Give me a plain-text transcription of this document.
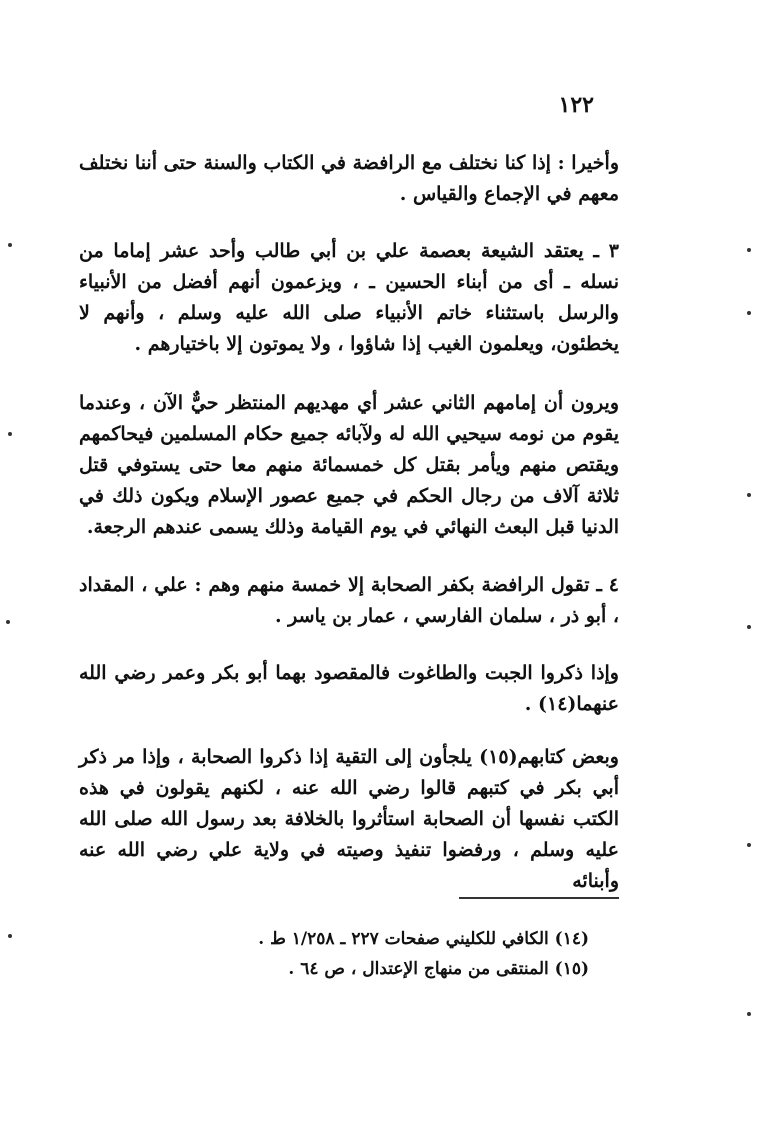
١٢٢
وأخيرا : إذا كنا نختلف مع الرافضة في الكتاب والسنة حتى أننا نختلف معهم في الإجماع والقياس .
٣ ـ يعتقد الشيعة بعصمة علي بن أبي طالب وأحد عشر إماما من نسله ـ أى من أبناء الحسين ـ ، ويزعمون أنهم أفضل من الأنبياء والرسل باستثناء خاتم الأنبياء صلى الله عليه وسلم ، وأنهم لا يخطئون، ويعلمون الغيب إذا شاؤوا ، ولا يموتون إلا باختيارهم .
ويرون أن إمامهم الثاني عشر أي مهديهم المنتظر حيٌّ الآن ، وعندما يقوم من نومه سيحيي الله له ولآبائه جميع حكام المسلمين فيحاكمهم ويقتص منهم ويأمر بقتل كل خمسمائة منهم معا حتى يستوفي قتل ثلاثة آلاف من رجال الحكم في جميع عصور الإسلام ويكون ذلك في الدنيا قبل البعث النهائي في يوم القيامة وذلك يسمى عندهم الرجعة.
٤ ـ تقول الرافضة بكفر الصحابة إلا خمسة منهم وهم : علي ، المقداد ، أبو ذر ، سلمان الفارسي ، عمار بن ياسر .
وإذا ذكروا الجبت والطاغوت فالمقصود بهما أبو بكر وعمر رضي الله عنهما(١٤) .
وبعض كتابهم(١٥) يلجأون إلى التقية إذا ذكروا الصحابة ، وإذا مر ذكر أبي بكر في كتبهم قالوا رضي الله عنه ، لكنهم يقولون في هذه الكتب نفسها أن الصحابة استأثروا بالخلافة بعد رسول الله صلى الله عليه وسلم ، ورفضوا تنفيذ وصيته في ولاية علي رضي الله عنه وأبنائه
(١٤) الكافي للكليني صفحات ٢٢٧ ـ ١/٢٥٨ ط .
(١٥) المنتقى من منهاج الإعتدال ، ص ٦٤ .
